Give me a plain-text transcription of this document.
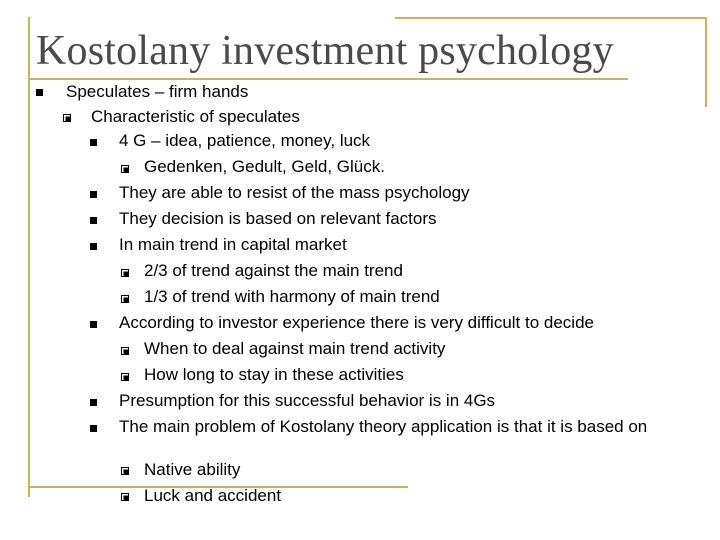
Kostolany investment psychology
Speculates – firm hands
Characteristic of speculates
4 G – idea, patience, money, luck
Gedenken, Gedult, Geld, Glück.
They are able to resist of the mass psychology
They decision is based on relevant factors
In main trend in capital market
2/3 of trend against the main trend
1/3 of trend with harmony of main trend
According to investor experience there is very difficult to decide
When to deal against main trend activity
How long to stay in these activities
Presumption for this successful behavior is in 4Gs
The main problem of Kostolany theory application is that it is based on
Native ability
Luck and accident
